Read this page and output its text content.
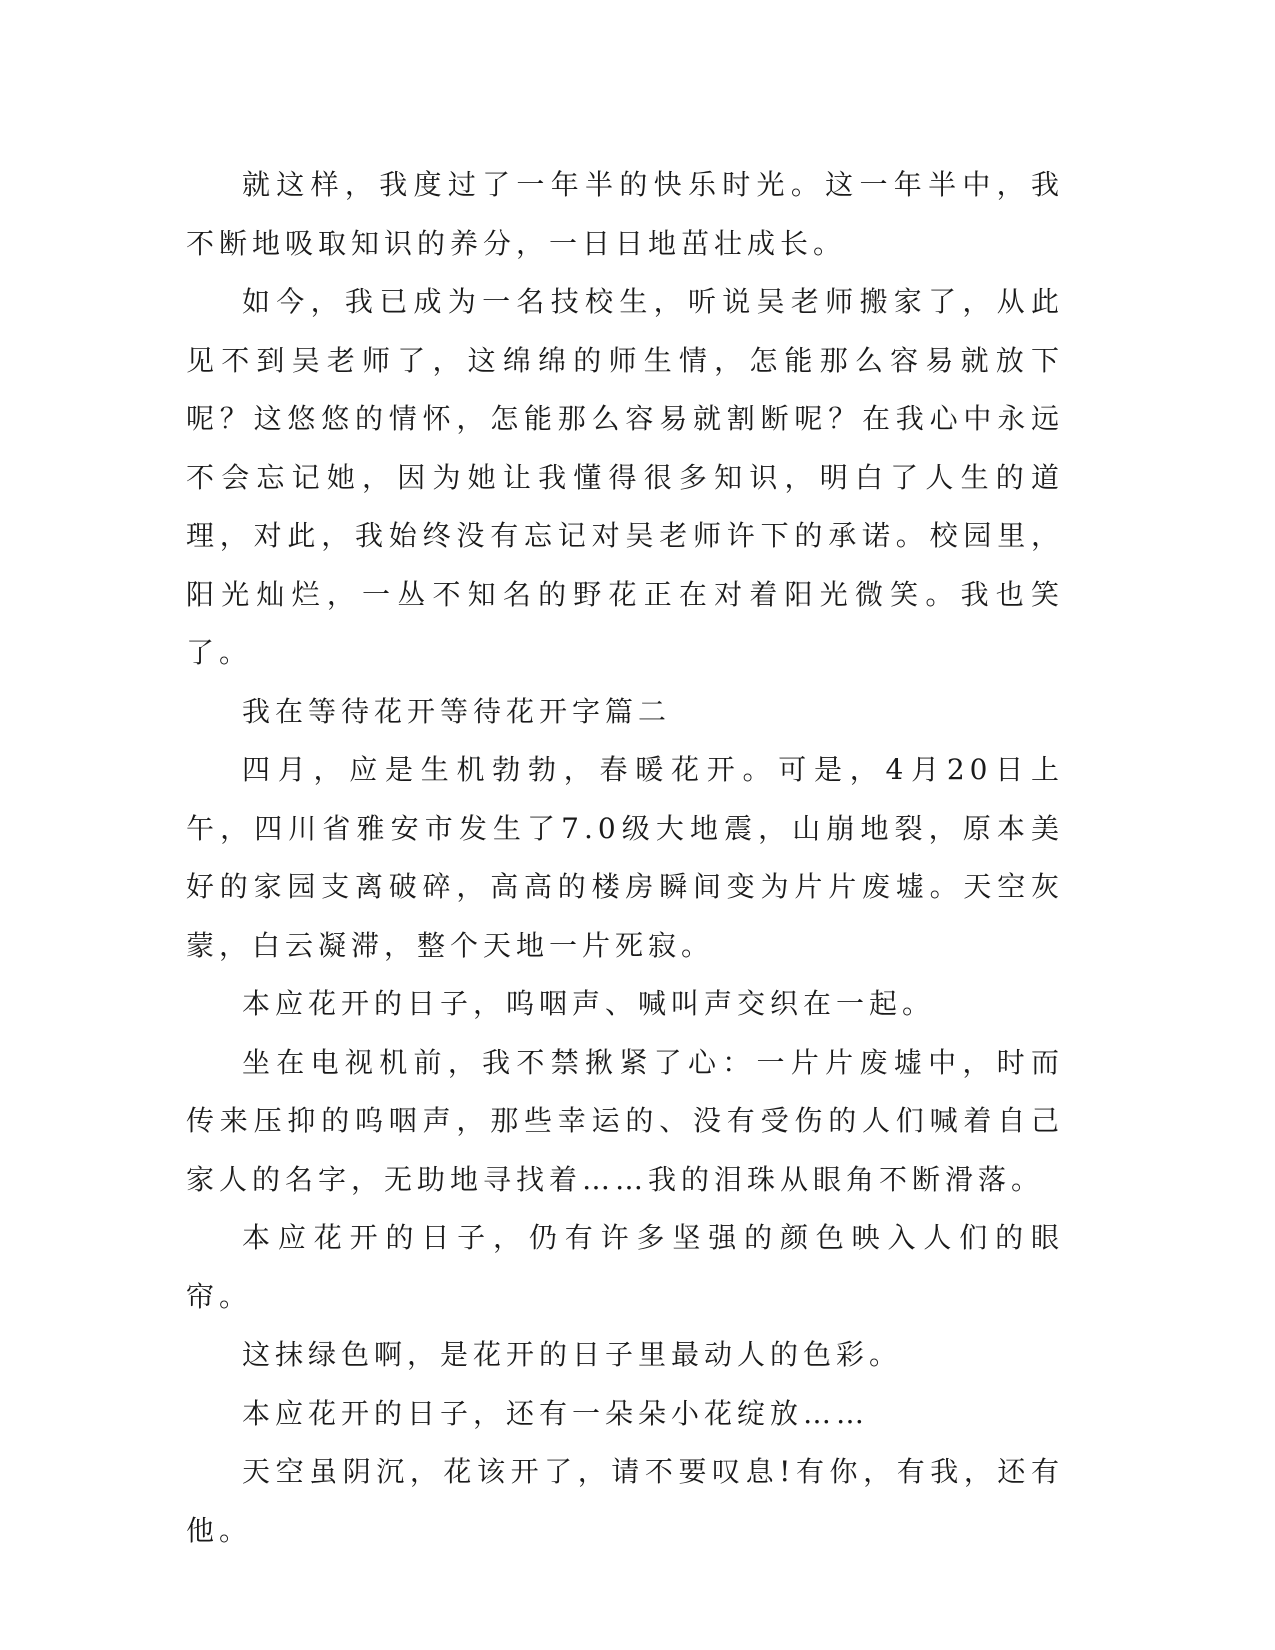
就这样，我度过了一年半的快乐时光。这一年半中，我不断地吸取知识的养分，一日日地茁壮成长。

如今，我已成为一名技校生，听说吴老师搬家了，从此见不到吴老师了，这绵绵的师生情，怎能那么容易就放下呢？这悠悠的情怀，怎能那么容易就割断呢？在我心中永远不会忘记她，因为她让我懂得很多知识，明白了人生的道理，对此，我始终没有忘记对吴老师许下的承诺。校园里，阳光灿烂，一丛不知名的野花正在对着阳光微笑。我也笑了。

我在等待花开等待花开字篇二

四月，应是生机勃勃，春暖花开。可是，4月20日上午，四川省雅安市发生了7.0级大地震，山崩地裂，原本美好的家园支离破碎，高高的楼房瞬间变为片片废墟。天空灰蒙，白云凝滞，整个天地一片死寂。

本应花开的日子，呜咽声、喊叫声交织在一起。

坐在电视机前，我不禁揪紧了心：一片片废墟中，时而传来压抑的呜咽声，那些幸运的、没有受伤的人们喊着自己家人的名字，无助地寻找着……我的泪珠从眼角不断滑落。

本应花开的日子，仍有许多坚强的颜色映入人们的眼帘。

这抹绿色啊，是花开的日子里最动人的色彩。

本应花开的日子，还有一朵朵小花绽放……

天空虽阴沉，花该开了，请不要叹息!有你，有我，还有他。
